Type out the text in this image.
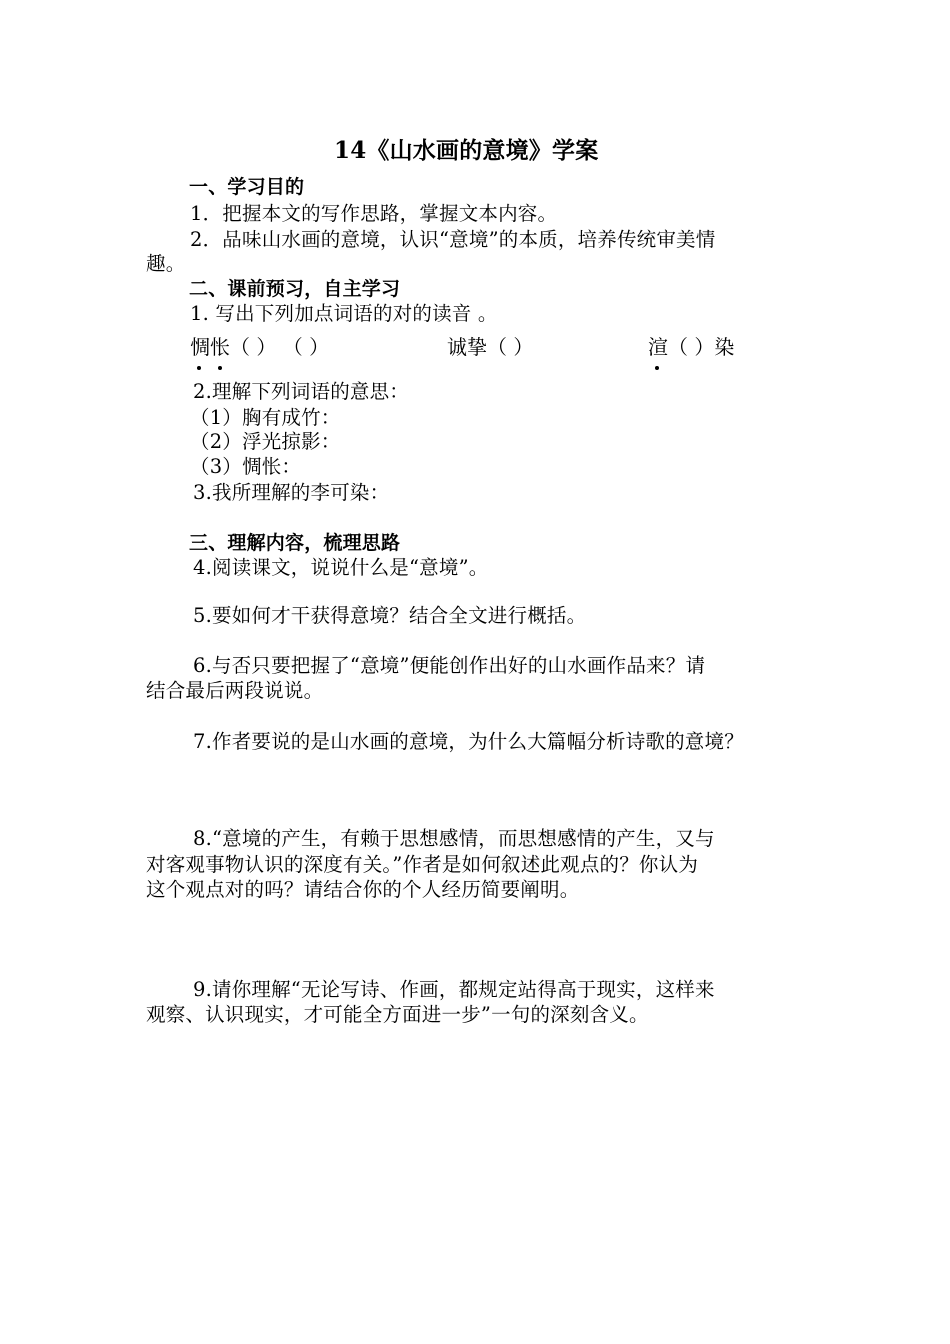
14《山水画的意境》学案
一、学习目的
1．把握本文的写作思路，掌握文本内容。
2．品味山水画的意境，认识“意境”的本质，培养传统审美情
趣。
二、课前预习，自主学习
1. 写出下列加点词语的对的读音 。
惆怅（ ） （ ）	诚挚（ ）	渲（ ）染
2.理解下列词语的意思：
（1）胸有成竹：
（2）浮光掠影：
（3）惆怅：
3.我所理解的李可染：
三、理解内容，梳理思路
4.阅读课文，说说什么是“意境”。
5.要如何才干获得意境？结合全文进行概括。
6.与否只要把握了“意境”便能创作出好的山水画作品来？请
结合最后两段说说。
7.作者要说的是山水画的意境，为什么大篇幅分析诗歌的意境？
8.“意境的产生，有赖于思想感情，而思想感情的产生，又与
对客观事物认识的深度有关。”作者是如何叙述此观点的？你认为
这个观点对的吗？请结合你的个人经历简要阐明。
9.请你理解“无论写诗、作画，都规定站得高于现实，这样来
观察、认识现实，才可能全方面进一步”一句的深刻含义。
